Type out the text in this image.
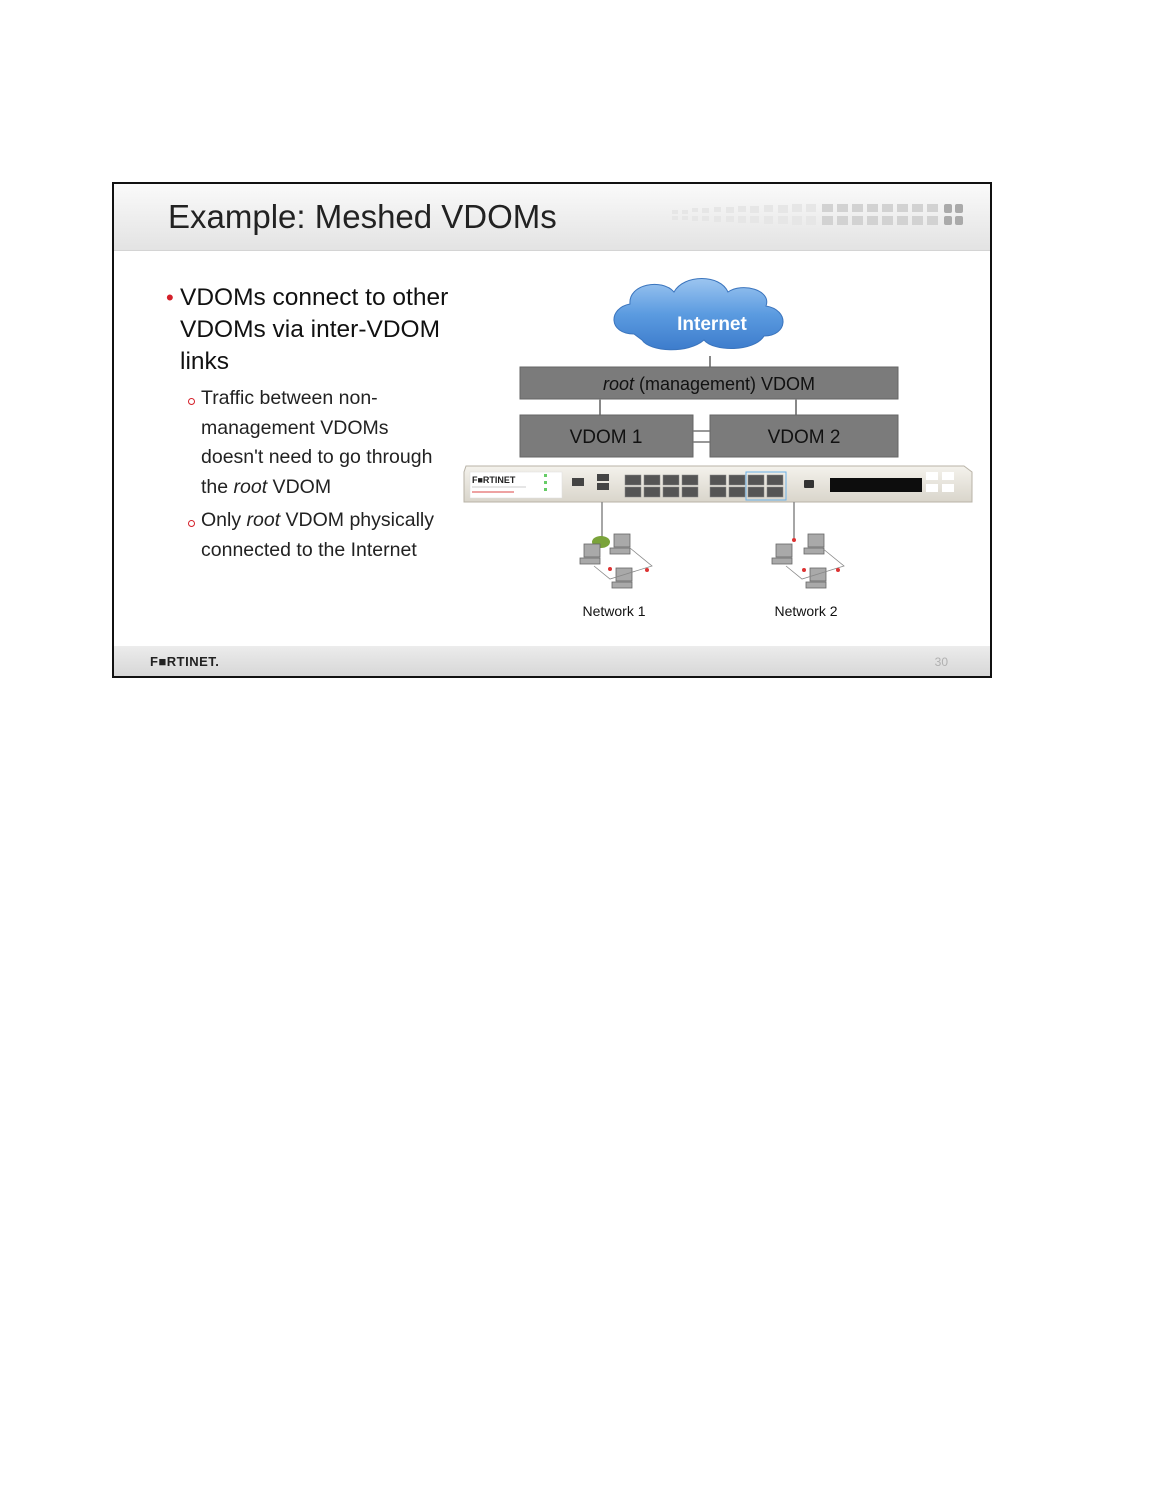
Example: Meshed VDOMs
• VDOMs connect to other VDOMs via inter-VDOM links
Traffic between non-management VDOMs doesn't need to go through the root VDOM
Only root VDOM physically connected to the Internet
Internet
root (management) VDOM
VDOM 1	VDOM 2
F■RTINET
Network 1	Network 2
F■RTINET.	30
